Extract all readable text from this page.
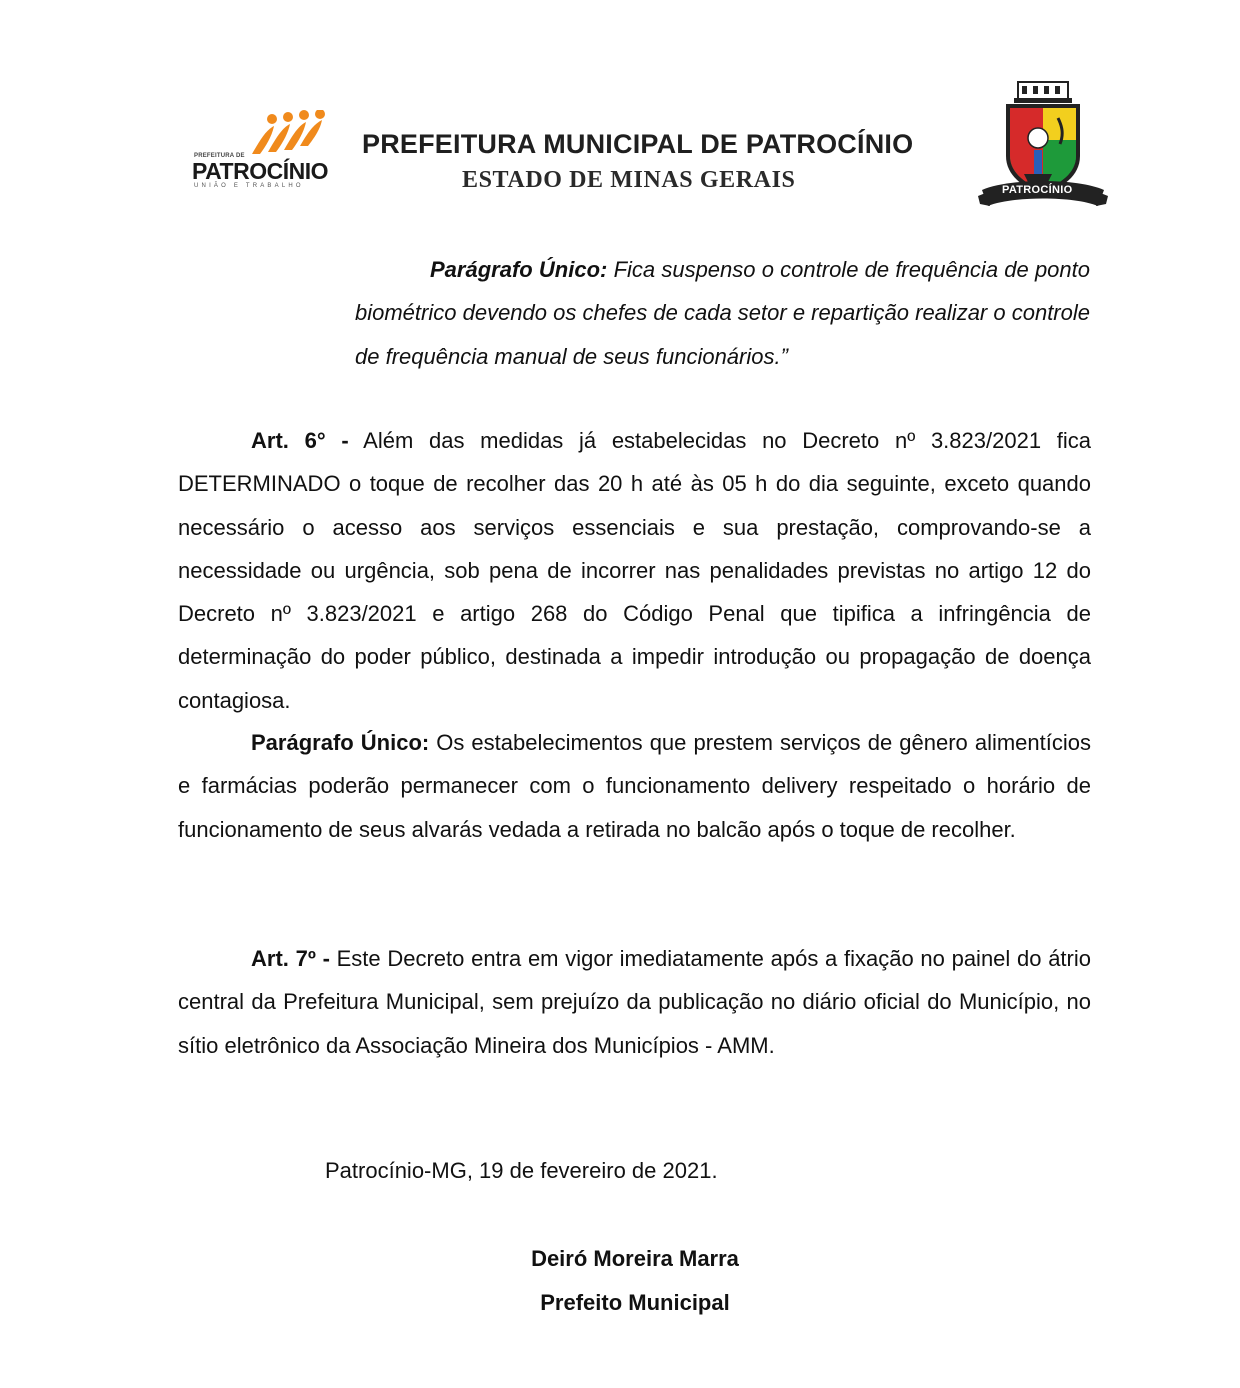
PREFEITURA DE
PATROCÍNIO
UNIÃO E TRABALHO
PREFEITURA MUNICIPAL DE PATROCÍNIO
ESTADO DE MINAS GERAIS	PATROCÍNIO

Parágrafo Único: Fica suspenso o controle de frequência de ponto biométrico devendo os chefes de cada setor e repartição realizar o controle de frequência manual de seus funcionários.”

Art. 6° - Além das medidas já estabelecidas no Decreto nº 3.823/2021 fica DETERMINADO o toque de recolher das 20 h até às 05 h do dia seguinte, exceto quando necessário o acesso aos serviços essenciais e sua prestação, comprovando-se a necessidade ou urgência, sob pena de incorrer nas penalidades previstas no artigo 12 do Decreto nº 3.823/2021 e artigo 268 do Código Penal que tipifica a infringência de determinação do poder público, destinada a impedir introdução ou propagação de doença contagiosa.

Parágrafo Único: Os estabelecimentos que prestem serviços de gênero alimentícios e farmácias poderão permanecer com o funcionamento delivery respeitado o horário de funcionamento de seus alvarás vedada a retirada no balcão após o toque de recolher.

Art. 7º - Este Decreto entra em vigor imediatamente após a fixação no painel do átrio central da Prefeitura Municipal, sem prejuízo da publicação no diário oficial do Município, no sítio eletrônico da Associação Mineira dos Municípios - AMM.

Patrocínio-MG, 19 de fevereiro de 2021.
Deiró Moreira Marra
Prefeito Municipal
